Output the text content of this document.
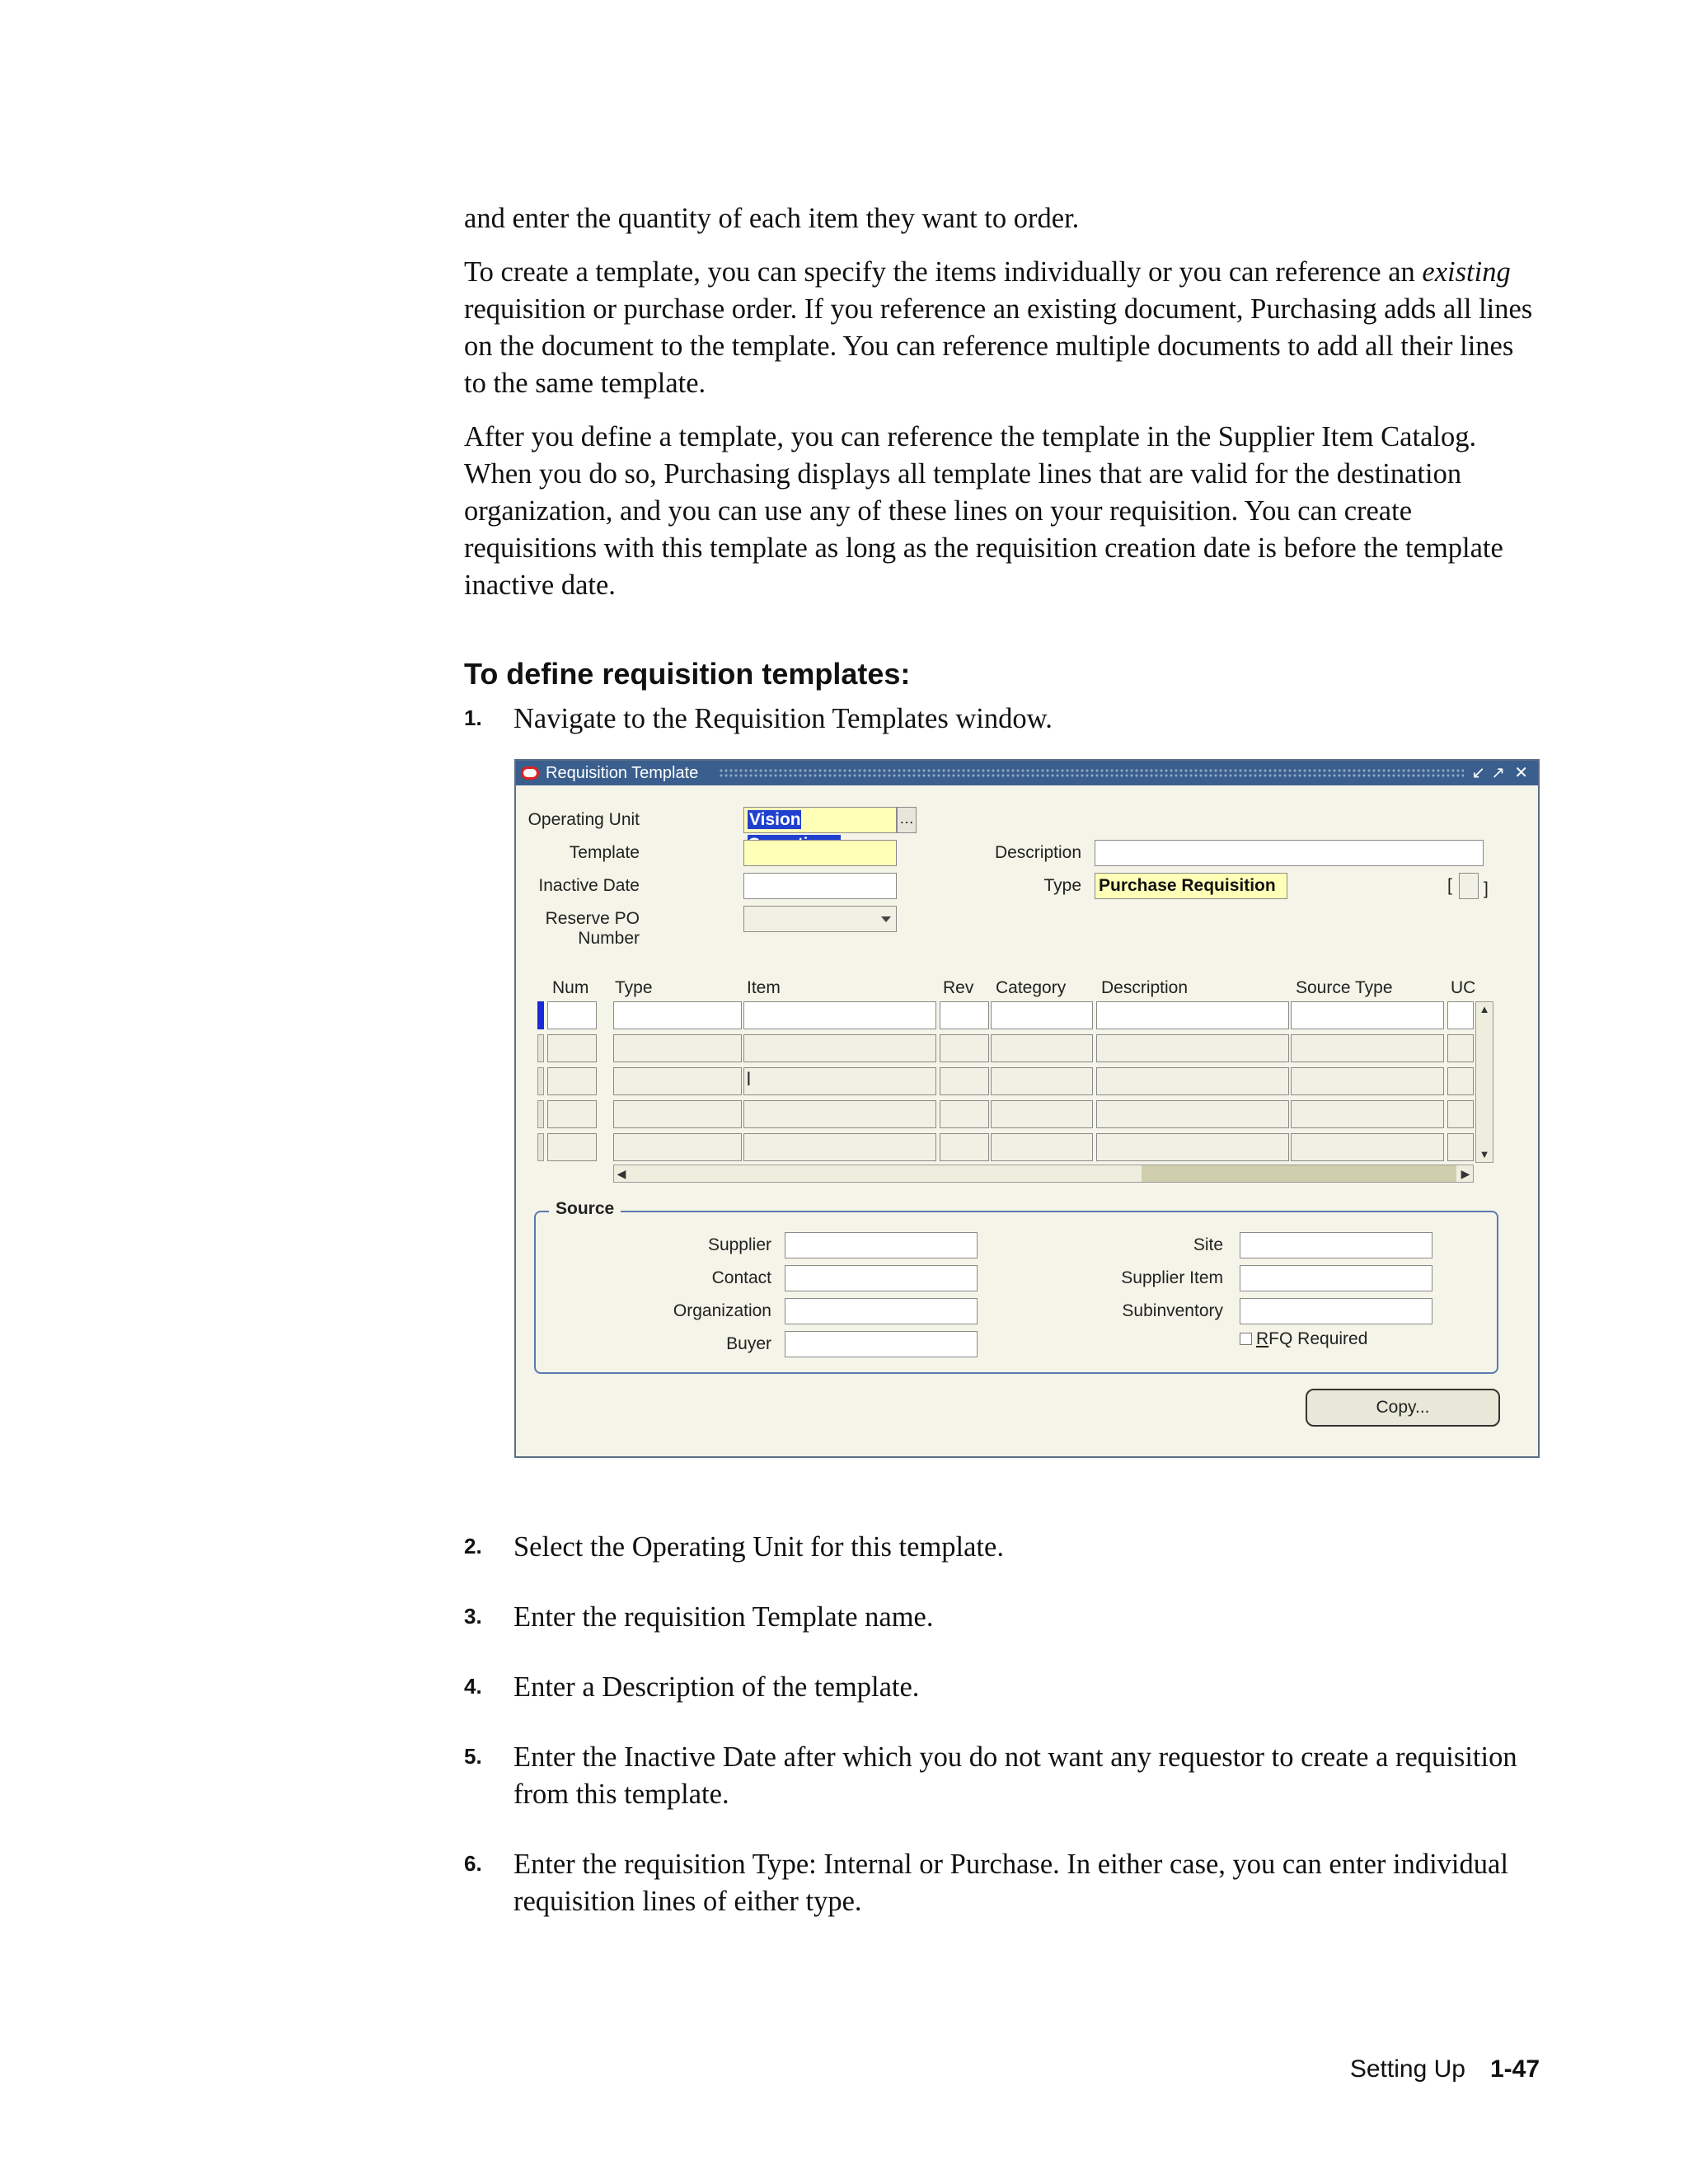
and enter the quantity of each item they want to order.

To create a template, you can specify the items individually or you can reference an existing requisition or purchase order. If you reference an existing document, Purchasing adds all lines on the document to the template. You can reference multiple documents to add all their lines to the same template.

After you define a template, you can reference the template in the Supplier Item Catalog. When you do so, Purchasing displays all template lines that are valid for the destination organization, and you can use any of these lines on your requisition. You can create requisitions with this template as long as the requisition creation date is before the template inactive date.

To define requisition templates:
1. Navigate to the Requisition Templates window.
Requisition Template	↙ ↗ ✕
Operating Unit	Vision	…
Template
Inactive Date
Reserve PO Number
Description
Type Purchase Requisition	[ ]
Num Type	Item	Rev Category Description	Source Type	UC
I
▲
▼
◀	▶
Source
Supplier
Contact
Organization
Buyer
Site
Supplier Item
Subinventory
RFQ Required
Copy...
2. Select the Operating Unit for this template.
3. Enter the requisition Template name.
4. Enter a Description of the template.
5. Enter the Inactive Date after which you do not want any requestor to create a requisition from this template.
6. Enter the requisition Type: Internal or Purchase. In either case, you can enter individual requisition lines of either type.
Setting Up 1-47
